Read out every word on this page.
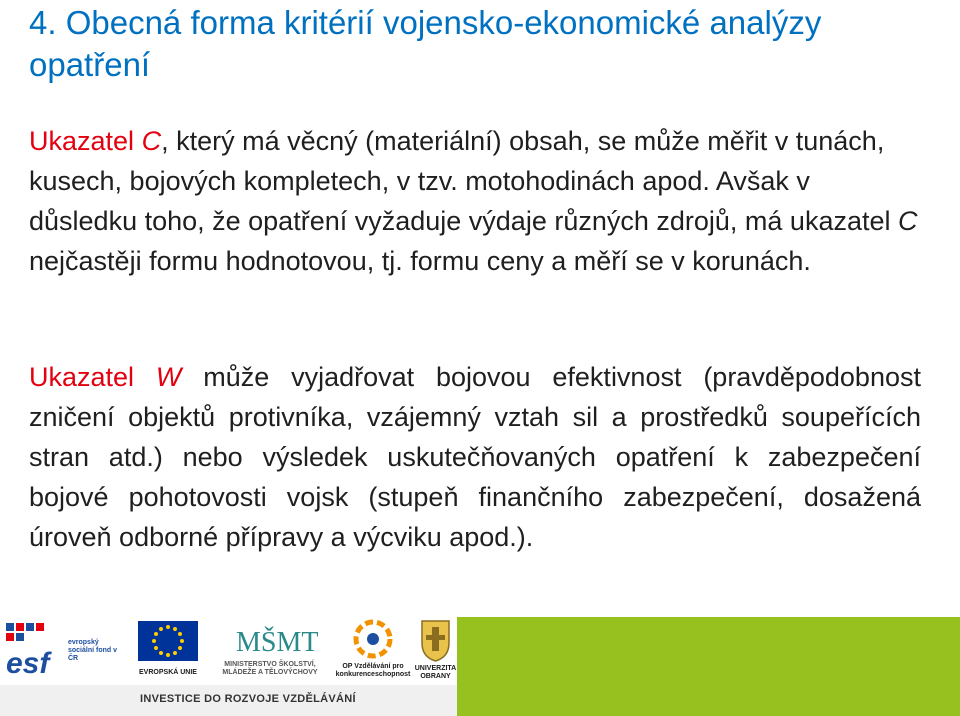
4. Obecná forma kritérií vojensko-ekonomické analýzy opatření

Ukazatel C, který má věcný (materiální) obsah, se může měřit v tunách, kusech, bojových kompletech, v tzv. motohodinách apod. Avšak v důsledku toho, že opatření vyžaduje výdaje různých zdrojů, má ukazatel C nejčastěji formu hodnotovou, tj. formu ceny a měří se v korunách.

Ukazatel W může vyjadřovat bojovou efektivnost (pravděpodobnost zničení objektů protivníka, vzájemný vztah sil a prostředků soupeřících stran atd.) nebo výsledek uskutečňovaných opatření k zabezpečení bojové pohotovosti vojsk (stupeň finančního zabezpečení, dosažená úroveň odborné přípravy a výcviku apod.).

esf
evropský sociální fond v ČR
EVROPSKÁ UNIE
MŠMT
MINISTERSTVO ŠKOLSTVÍ, MLÁDEŽE A TĚLOVÝCHOVY
OP Vzdělávání pro konkurenceschopnost
UNIVERZITA OBRANY
INVESTICE DO ROZVOJE VZDĚLÁVÁNÍ
